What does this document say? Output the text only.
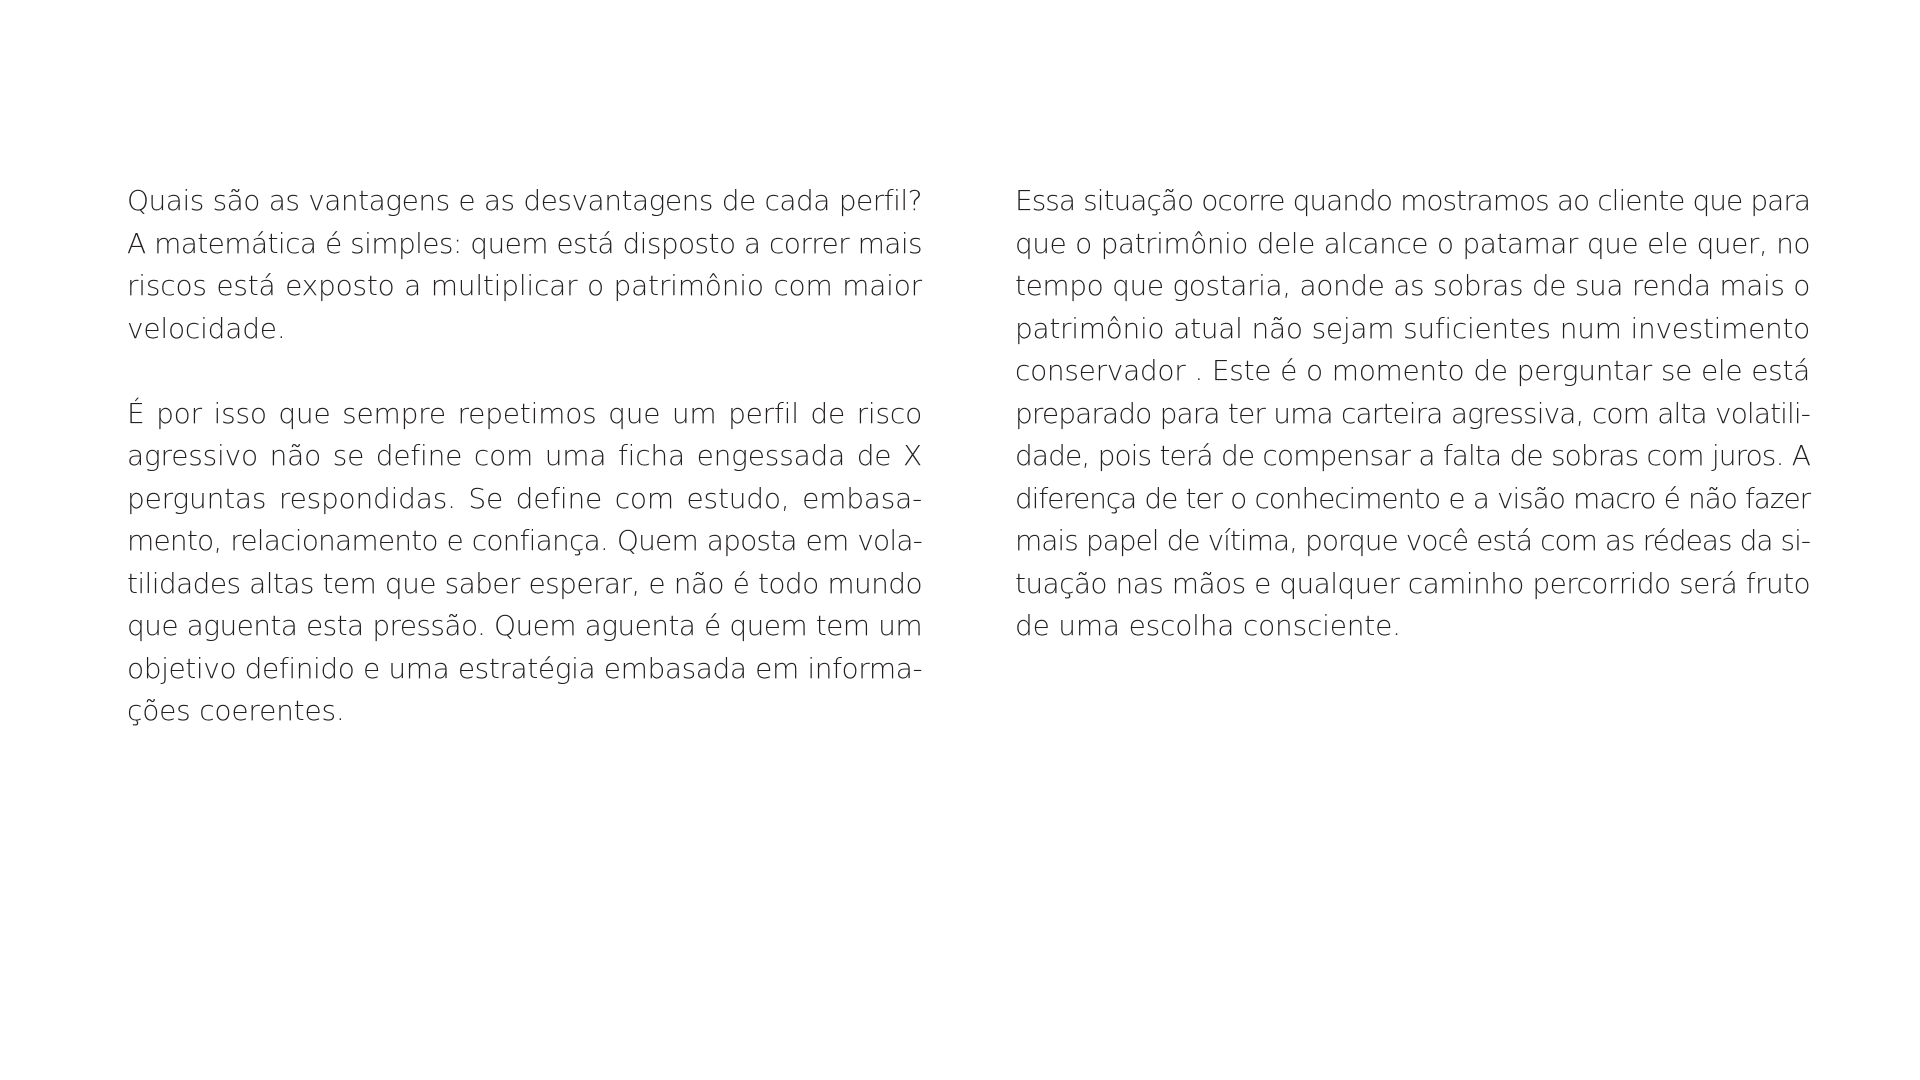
Quais são as vantagens e as desvantagens de cada perfil?
A matemática é simples: quem está disposto a correr mais
riscos está exposto a multiplicar o patrimônio com maior
velocidade.
É por isso que sempre repetimos que um perfil de risco
agressivo não se define com uma ficha engessada de X
perguntas respondidas. Se define com estudo, embasa-
mento, relacionamento e confiança. Quem aposta em vola-
tilidades altas tem que saber esperar, e não é todo mundo
que aguenta esta pressão. Quem aguenta é quem tem um
objetivo definido e uma estratégia embasada em informa-
ções coerentes.
Essa situação ocorre quando mostramos ao cliente que para
que o patrimônio dele alcance o patamar que ele quer, no
tempo que gostaria, aonde as sobras de sua renda mais o
patrimônio atual não sejam suficientes num investimento
conservador . Este é o momento de perguntar se ele está
preparado para ter uma carteira agressiva, com alta volatili-
dade, pois terá de compensar a falta de sobras com juros. A
diferença de ter o conhecimento e a visão macro é não fazer
mais papel de vítima, porque você está com as rédeas da si-
tuação nas mãos e qualquer caminho percorrido será fruto
de uma escolha consciente.
